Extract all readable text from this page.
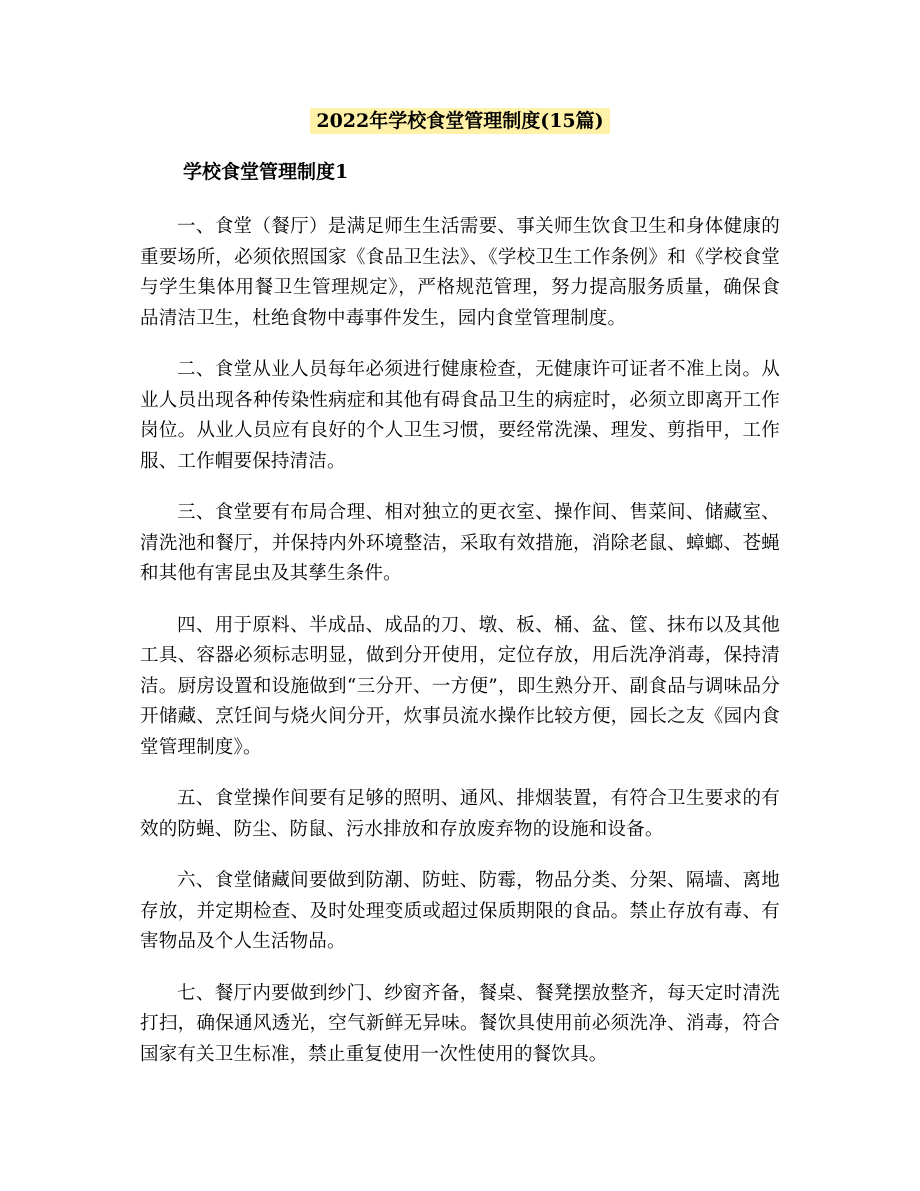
2022年学校食堂管理制度(15篇)
学校食堂管理制度1

一、食堂（餐厅）是满足师生生活需要、事关师生饮食卫生和身体健康的重要场所，必须依照国家《食品卫生法》、《学校卫生工作条例》和《学校食堂与学生集体用餐卫生管理规定》，严格规范管理，努力提高服务质量，确保食品清洁卫生，杜绝食物中毒事件发生，园内食堂管理制度。

二、食堂从业人员每年必须进行健康检查，无健康许可证者不准上岗。从业人员出现各种传染性病症和其他有碍食品卫生的病症时，必须立即离开工作岗位。从业人员应有良好的个人卫生习惯，要经常洗澡、理发、剪指甲，工作服、工作帽要保持清洁。

三、食堂要有布局合理、相对独立的更衣室、操作间、售菜间、储藏室、清洗池和餐厅，并保持内外环境整洁，采取有效措施，消除老鼠、蟑螂、苍蝇和其他有害昆虫及其孳生条件。

四、用于原料、半成品、成品的刀、墩、板、桶、盆、筐、抹布以及其他工具、容器必须标志明显，做到分开使用，定位存放，用后洗净消毒，保持清洁。厨房设置和设施做到“三分开、一方便”，即生熟分开、副食品与调味品分开储藏、烹饪间与烧火间分开，炊事员流水操作比较方便，园长之友《园内食堂管理制度》。

五、食堂操作间要有足够的照明、通风、排烟装置，有符合卫生要求的有效的防蝇、防尘、防鼠、污水排放和存放废弃物的设施和设备。

六、食堂储藏间要做到防潮、防蛀、防霉，物品分类、分架、隔墙、离地存放，并定期检查、及时处理变质或超过保质期限的食品。禁止存放有毒、有害物品及个人生活物品。

七、餐厅内要做到纱门、纱窗齐备，餐桌、餐凳摆放整齐，每天定时清洗打扫，确保通风透光，空气新鲜无异味。餐饮具使用前必须洗净、消毒，符合国家有关卫生标准，禁止重复使用一次性使用的餐饮具。
